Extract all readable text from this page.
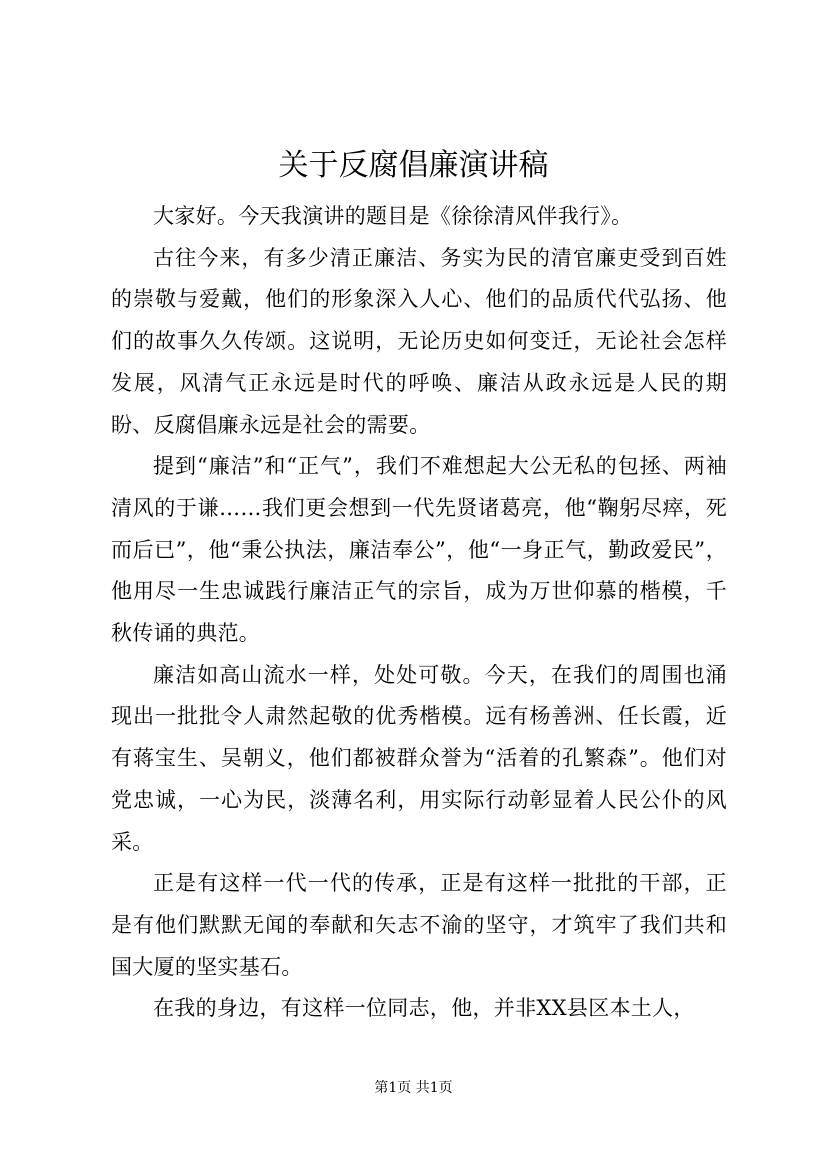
关于反腐倡廉演讲稿

大家好。今天我演讲的题目是《徐徐清风伴我行》。

古往今来，有多少清正廉洁、务实为民的清官廉吏受到百姓的崇敬与爱戴，他们的形象深入人心、他们的品质代代弘扬、他们的故事久久传颂。这说明，无论历史如何变迁，无论社会怎样发展，风清气正永远是时代的呼唤、廉洁从政永远是人民的期盼、反腐倡廉永远是社会的需要。

提到“廉洁”和“正气”，我们不难想起大公无私的包拯、两袖清风的于谦……我们更会想到一代先贤诸葛亮，他“鞠躬尽瘁，死而后已”，他“秉公执法，廉洁奉公”，他“一身正气，勤政爱民”，他用尽一生忠诚践行廉洁正气的宗旨，成为万世仰慕的楷模，千秋传诵的典范。

廉洁如高山流水一样，处处可敬。今天，在我们的周围也涌现出一批批令人肃然起敬的优秀楷模。远有杨善洲、任长霞，近有蒋宝生、吴朝义，他们都被群众誉为“活着的孔繁森”。他们对党忠诚，一心为民，淡薄名利，用实际行动彰显着人民公仆的风采。

正是有这样一代一代的传承，正是有这样一批批的干部，正是有他们默默无闻的奉献和矢志不渝的坚守，才筑牢了我们共和国大厦的坚实基石。

在我的身边，有这样一位同志，他，并非XX县区本土人，

第1页 共1页
